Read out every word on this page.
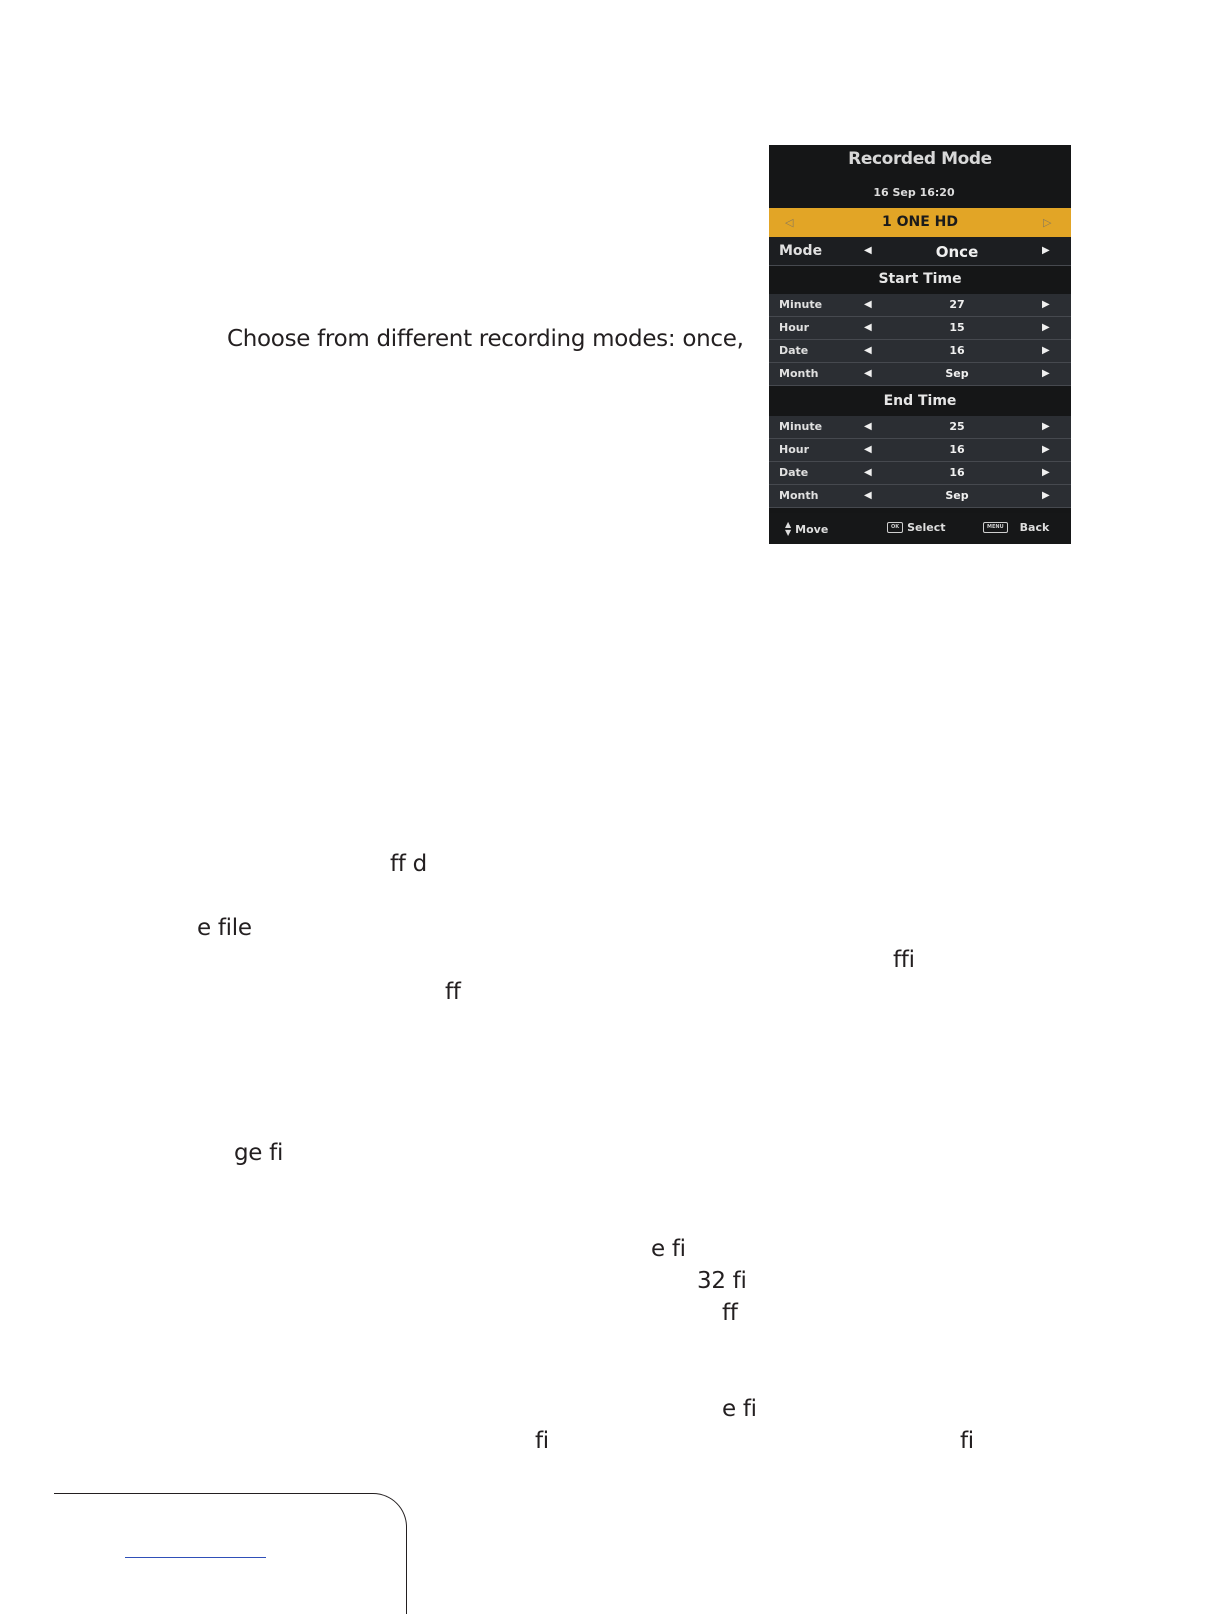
Choose from different recording modes: once,
ff d
e file
ffi
ff
ge fi
e fi
32 fi
ff
e fi
fi	fi
Recorded Mode
16 Sep 16:20
◁	1 ONE HD	▷
Mode	◀	Once	▶
Start Time
Minute	◀	27	▶
Hour	◀	15	▶
Date	◀	16	▶
Month	◀	Sep	▶
End Time
Minute	◀	25	▶
Hour	◀	16	▶
Date	◀	16	▶
Month	◀	Sep	▶
▲
▼ Move	OK Select	MENU	Back
